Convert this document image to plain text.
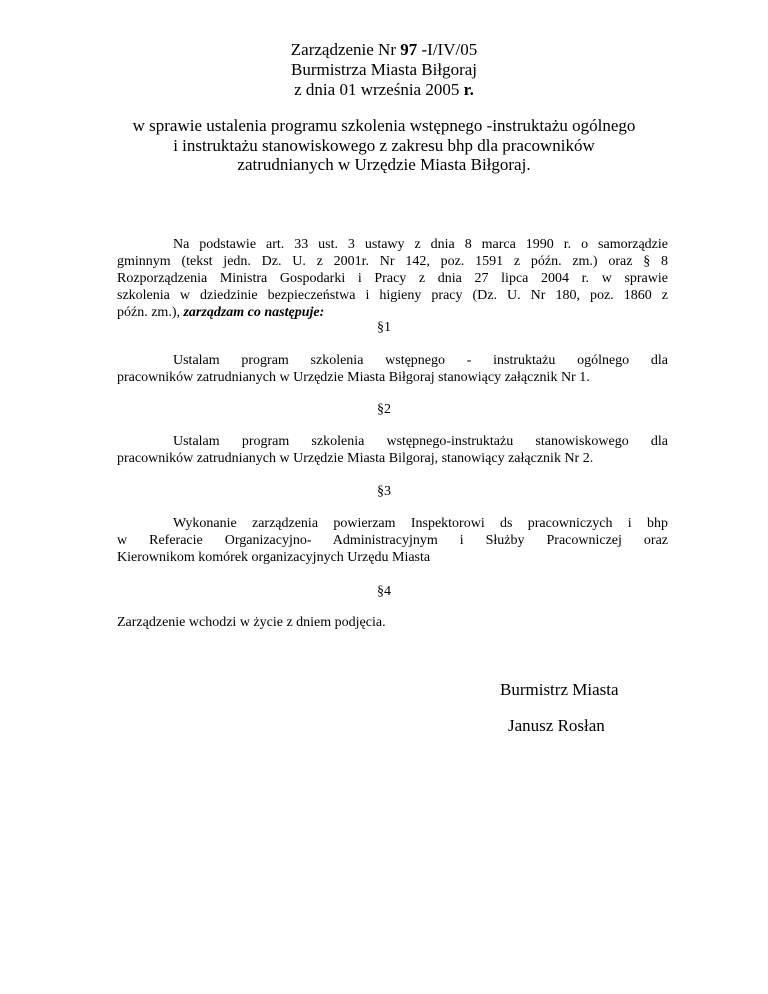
Zarządzenie Nr 97 -I/IV/05
Burmistrza Miasta Biłgoraj
z dnia 01 września 2005 r.
w sprawie ustalenia programu szkolenia wstępnego -instruktażu ogólnego
i instruktażu stanowiskowego z zakresu bhp dla pracowników
zatrudnianych w Urzędzie Miasta Biłgoraj.
Na podstawie art. 33 ust. 3 ustawy z dnia 8 marca 1990 r. o samorządzie
gminnym (tekst jedn. Dz. U. z 2001r. Nr 142, poz. 1591 z późn. zm.) oraz § 8
Rozporządzenia Ministra Gospodarki i Pracy z dnia 27 lipca 2004 r. w sprawie
szkolenia w dziedzinie bezpieczeństwa i higieny pracy (Dz. U. Nr 180, poz. 1860 z
późn. zm.), zarządzam co następuje:
§1
Ustalam program szkolenia wstępnego - instruktażu ogólnego dla
pracowników zatrudnianych w Urzędzie Miasta Biłgoraj stanowiący załącznik Nr 1.
§2
Ustalam program szkolenia wstępnego-instruktażu stanowiskowego dla
pracowników zatrudnianych w Urzędzie Miasta Bilgoraj, stanowiący załącznik Nr 2.
§3
Wykonanie zarządzenia powierzam Inspektorowi ds pracowniczych i bhp
w Referacie Organizacyjno- Administracyjnym i Służby Pracowniczej oraz
Kierownikom komórek organizacyjnych Urzędu Miasta
§4
Zarządzenie wchodzi w życie z dniem podjęcia.
Burmistrz Miasta
Janusz Rosłan
